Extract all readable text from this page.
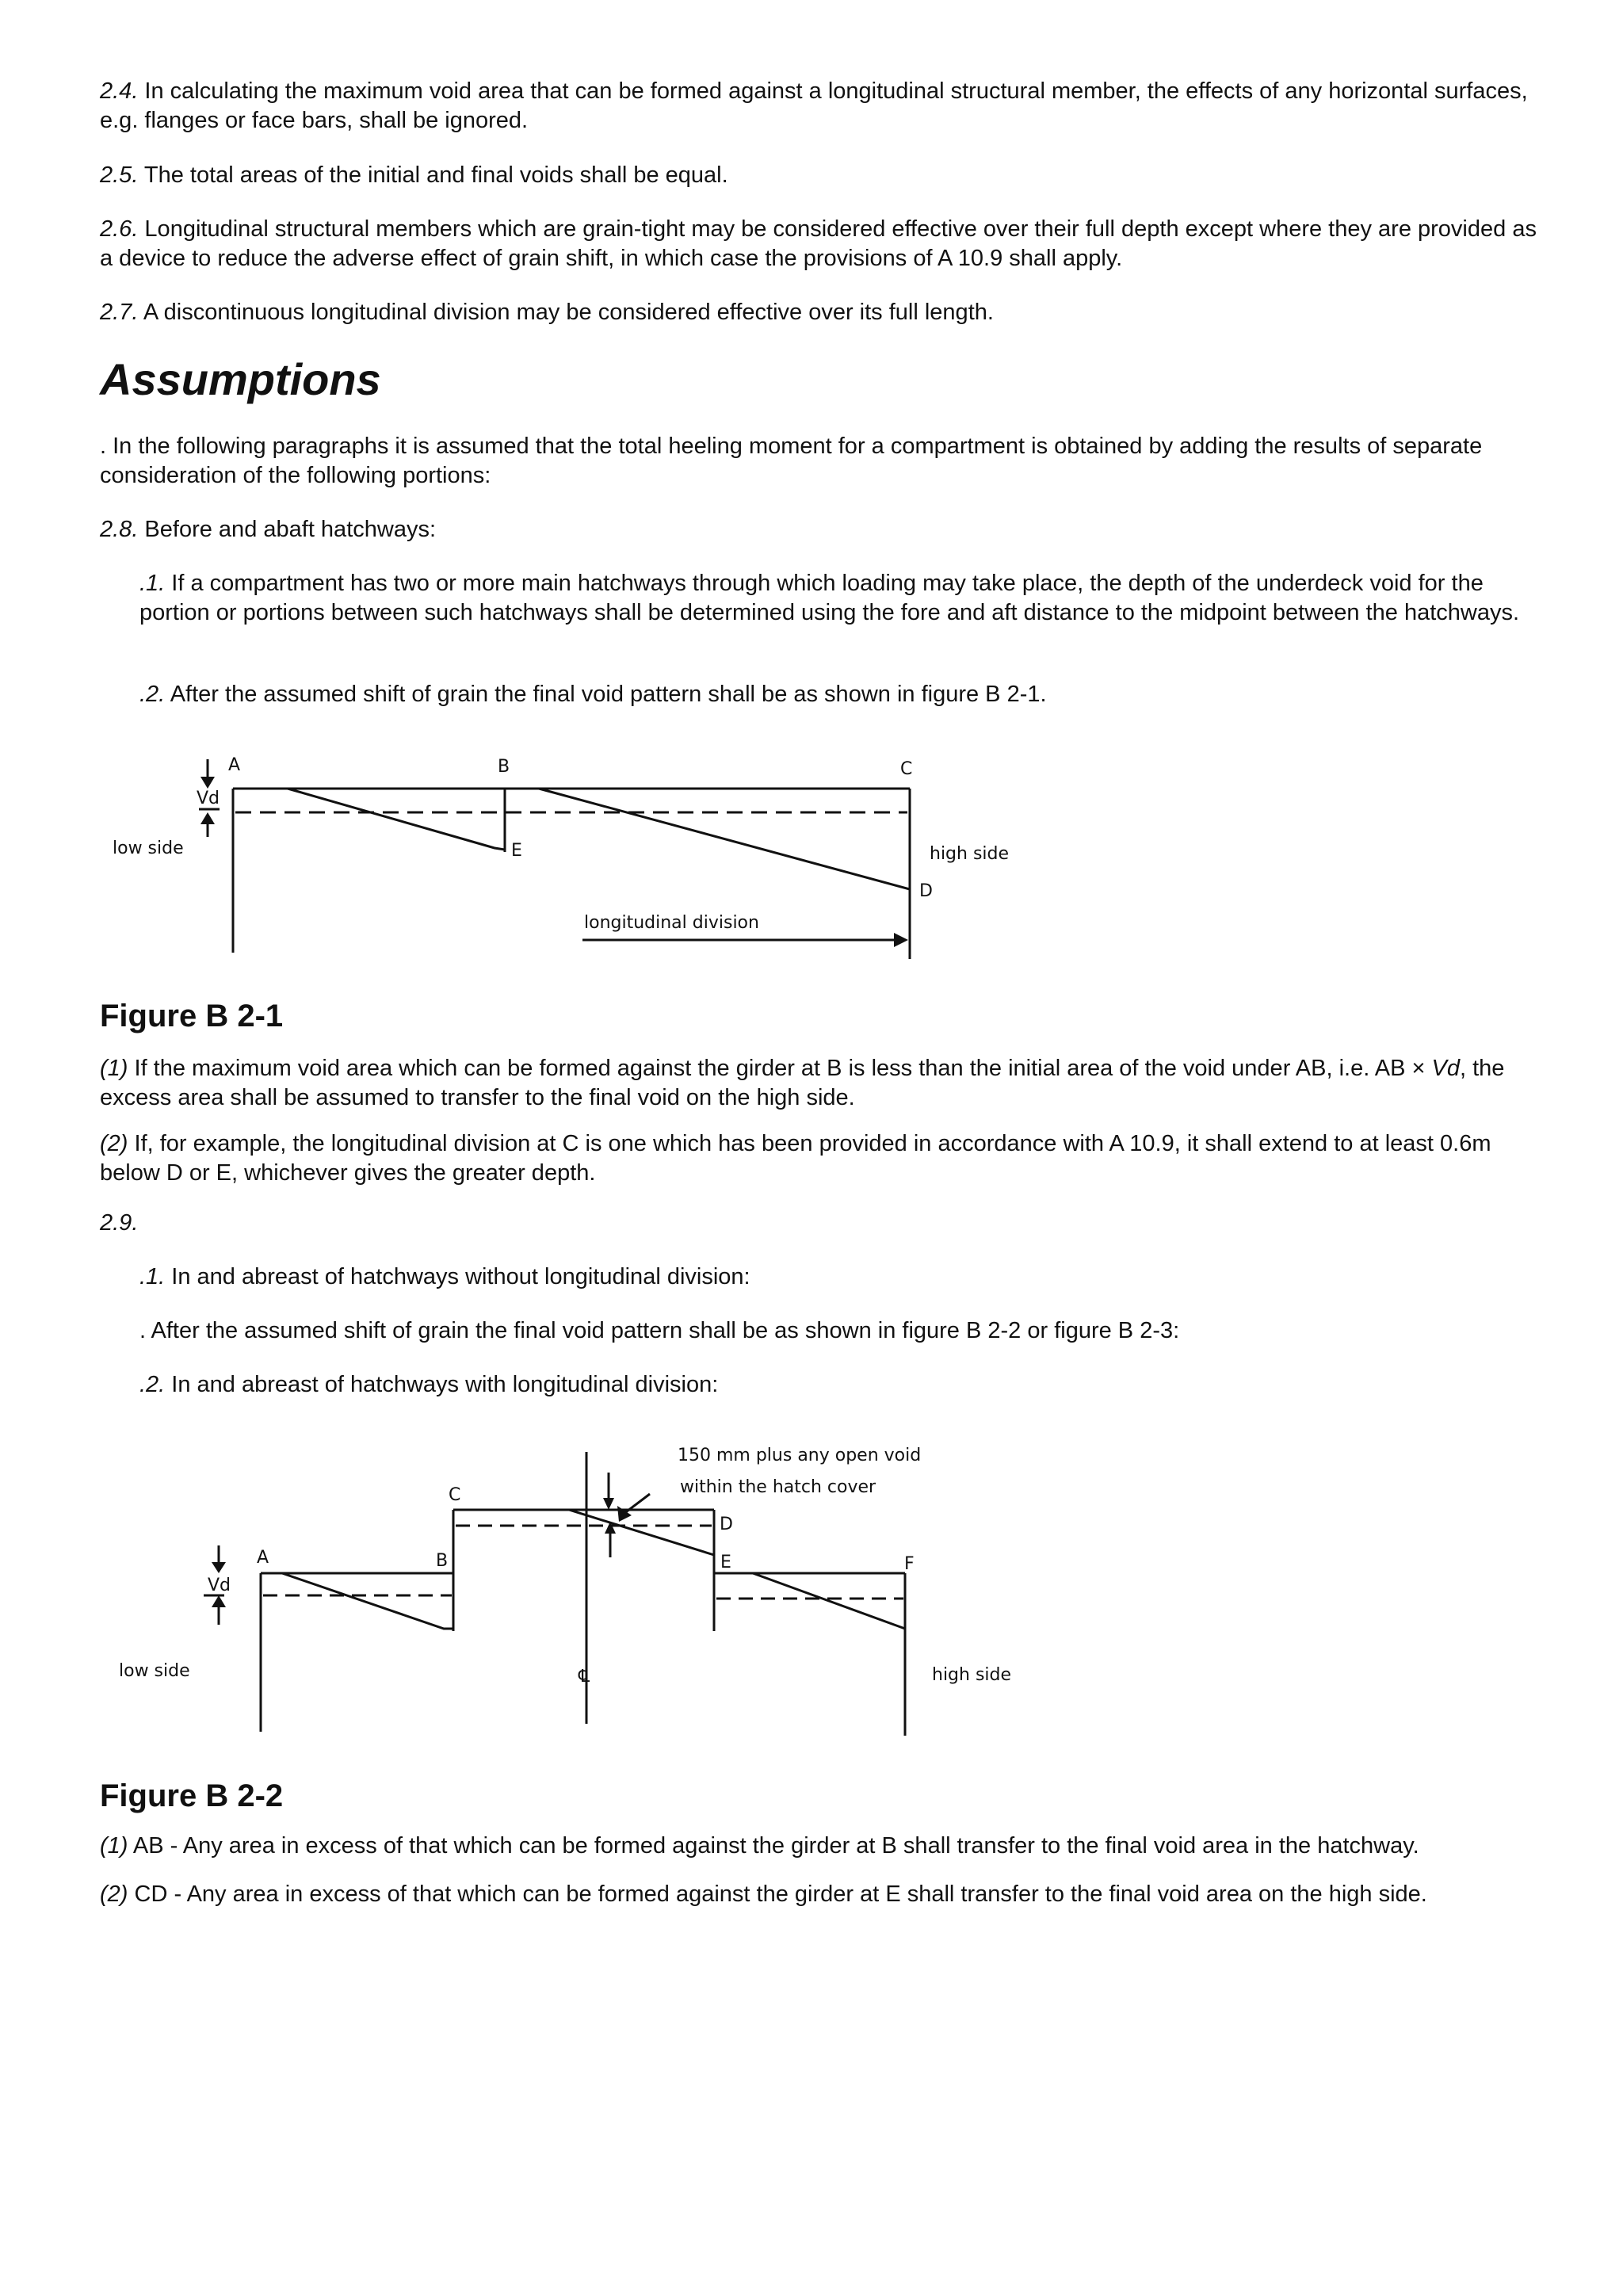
2.4. In calculating the maximum void area that can be formed against a longitudinal structural member, the effects of any horizontal surfaces, e.g. flanges or face bars, shall be ignored.

2.5. The total areas of the initial and final voids shall be equal.

2.6. Longitudinal structural members which are grain-tight may be considered effective over their full depth except where they are provided as a device to reduce the adverse effect of grain shift, in which case the provisions of A 10.9 shall apply.

2.7. A discontinuous longitudinal division may be considered effective over its full length.

Assumptions

. In the following paragraphs it is assumed that the total heeling moment for a compartment is obtained by adding the results of separate consideration of the following portions:

2.8. Before and abaft hatchways:

.1. If a compartment has two or more main hatchways through which loading may take place, the depth of the underdeck void for the portion or portions between such hatchways shall be determined using the fore and aft distance to the midpoint between the hatchways.

.2. After the assumed shift of grain the final void pattern shall be as shown in figure B 2-1.

A	B	C
E
D
Vd
low side	high side
longitudinal division
Figure B 2-1

(1) If the maximum void area which can be formed against the girder at B is less than the initial area of the void under AB, i.e. AB × Vd, the excess area shall be assumed to transfer to the final void on the high side.

(2) If, for example, the longitudinal division at C is one which has been provided in accordance with A 10.9, it shall extend to at least 0.6m below D or E, whichever gives the greater depth.

2.9.

.1. In and abreast of hatchways without longitudinal division:

. After the assumed shift of grain the final void pattern shall be as shown in figure B 2-2 or figure B 2-3:

.2. In and abreast of hatchways with longitudinal division:

A	B
C
D
E	F
Vd
low side	high side
℄
150 mm plus any open void
within the hatch cover
Figure B 2-2

(1) AB - Any area in excess of that which can be formed against the girder at B shall transfer to the final void area in the hatchway.

(2) CD - Any area in excess of that which can be formed against the girder at E shall transfer to the final void area on the high side.
